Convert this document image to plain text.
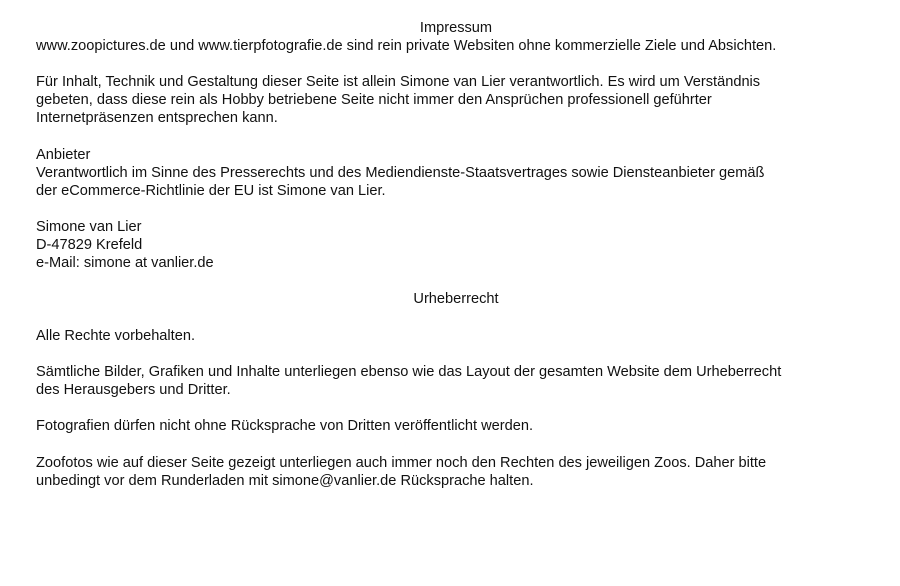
Impressum
www.zoopictures.de und www.tierpfotografie.de sind rein private Websiten ohne kommerzielle Ziele und Absichten.
Für Inhalt, Technik und Gestaltung dieser Seite ist allein Simone van Lier verantwortlich. Es wird um Verständnis
gebeten, dass diese rein als Hobby betriebene Seite nicht immer den Ansprüchen professionell geführter
Internetpräsenzen entsprechen kann.
Anbieter
Verantwortlich im Sinne des Presserechts und des Mediendienste-Staatsvertrages sowie Diensteanbieter gemäß
der eCommerce-Richtlinie der EU ist Simone van Lier.
Simone van Lier
D-47829 Krefeld
e-Mail: simone at vanlier.de
Urheberrecht
Alle Rechte vorbehalten.
Sämtliche Bilder, Grafiken und Inhalte unterliegen ebenso wie das Layout der gesamten Website dem Urheberrecht
des Herausgebers und Dritter.
Fotografien dürfen nicht ohne Rücksprache von Dritten veröffentlicht werden.
Zoofotos wie auf dieser Seite gezeigt unterliegen auch immer noch den Rechten des jeweiligen Zoos. Daher bitte
unbedingt vor dem Runderladen mit simone@vanlier.de Rücksprache halten.
